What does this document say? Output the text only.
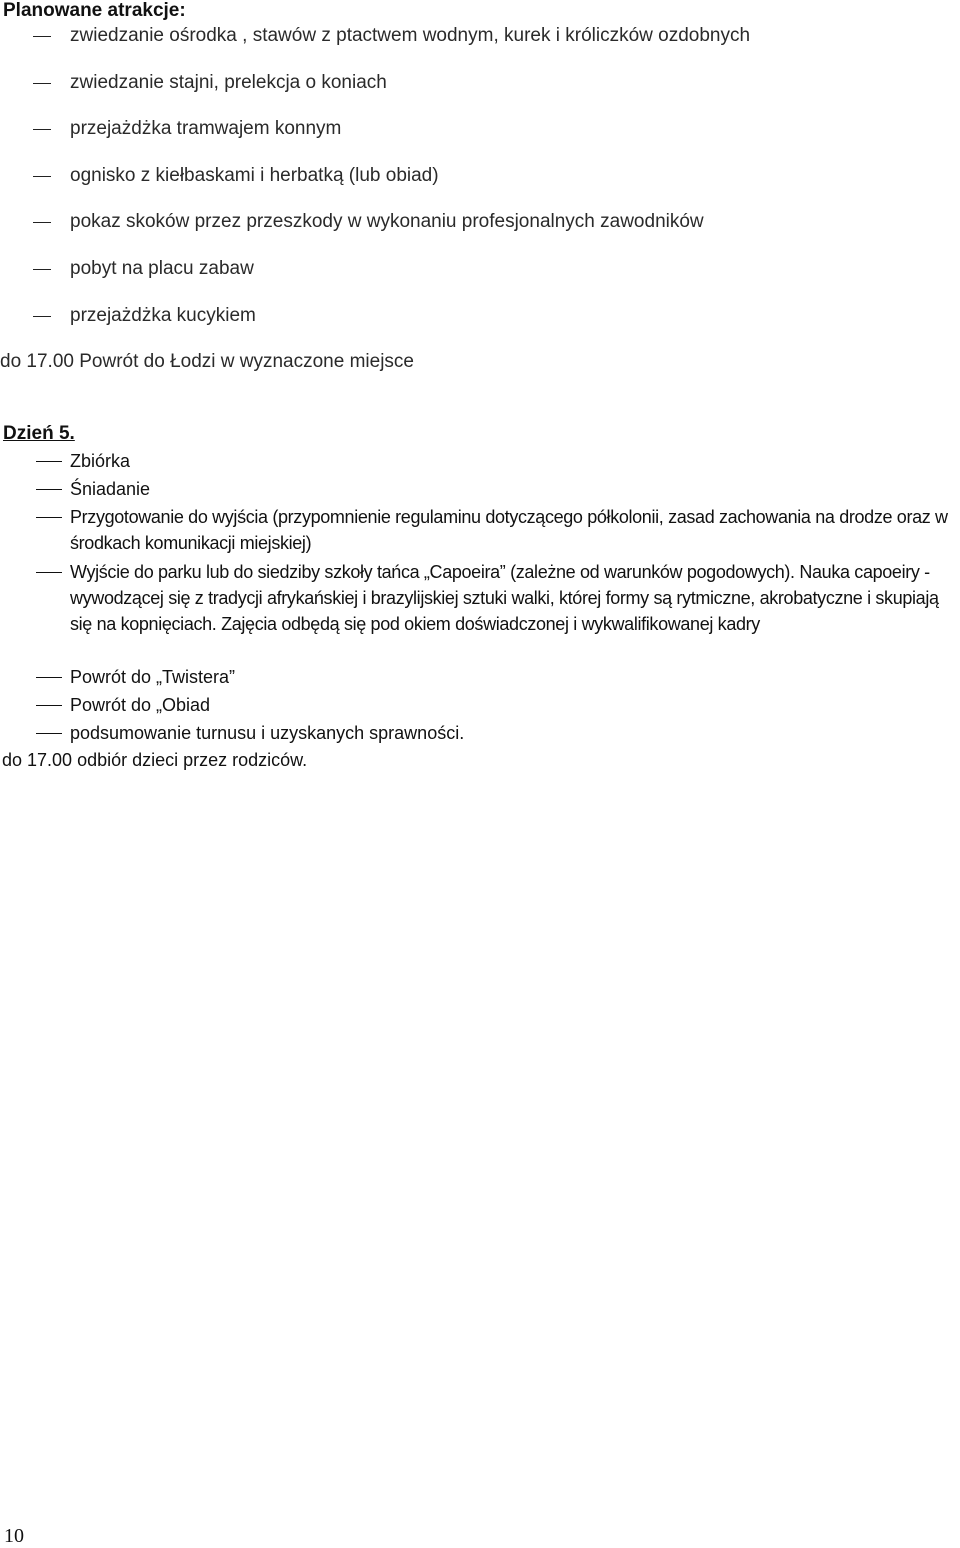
Planowane atrakcje:
zwiedzanie ośrodka , stawów z ptactwem wodnym, kurek i króliczków ozdobnych
zwiedzanie stajni, prelekcja o koniach
przejażdżka tramwajem konnym
ognisko z kiełbaskami i herbatką (lub obiad)
pokaz skoków przez przeszkody w wykonaniu profesjonalnych zawodników
pobyt na placu zabaw
przejażdżka kucykiem
do 17.00 Powrót do Łodzi w wyznaczone miejsce
Dzień 5.
Zbiórka
Śniadanie
Przygotowanie do wyjścia (przypomnienie regulaminu dotyczącego półkolonii, zasad zachowania na drodze oraz w środkach komunikacji miejskiej)
Wyjście do parku lub do siedziby szkoły tańca „Capoeira” (zależne od warunków pogodowych). Nauka capoeiry - wywodzącej się z tradycji afrykańskiej i brazylijskiej sztuki walki, której formy są rytmiczne, akrobatyczne i skupiają się na kopnięciach. Zajęcia odbędą się pod okiem doświadczonej i wykwalifikowanej kadry
Powrót do „Twistera”
Powrót do „Obiad
podsumowanie turnusu i uzyskanych sprawności.
do 17.00 odbiór dzieci przez rodziców.
10
